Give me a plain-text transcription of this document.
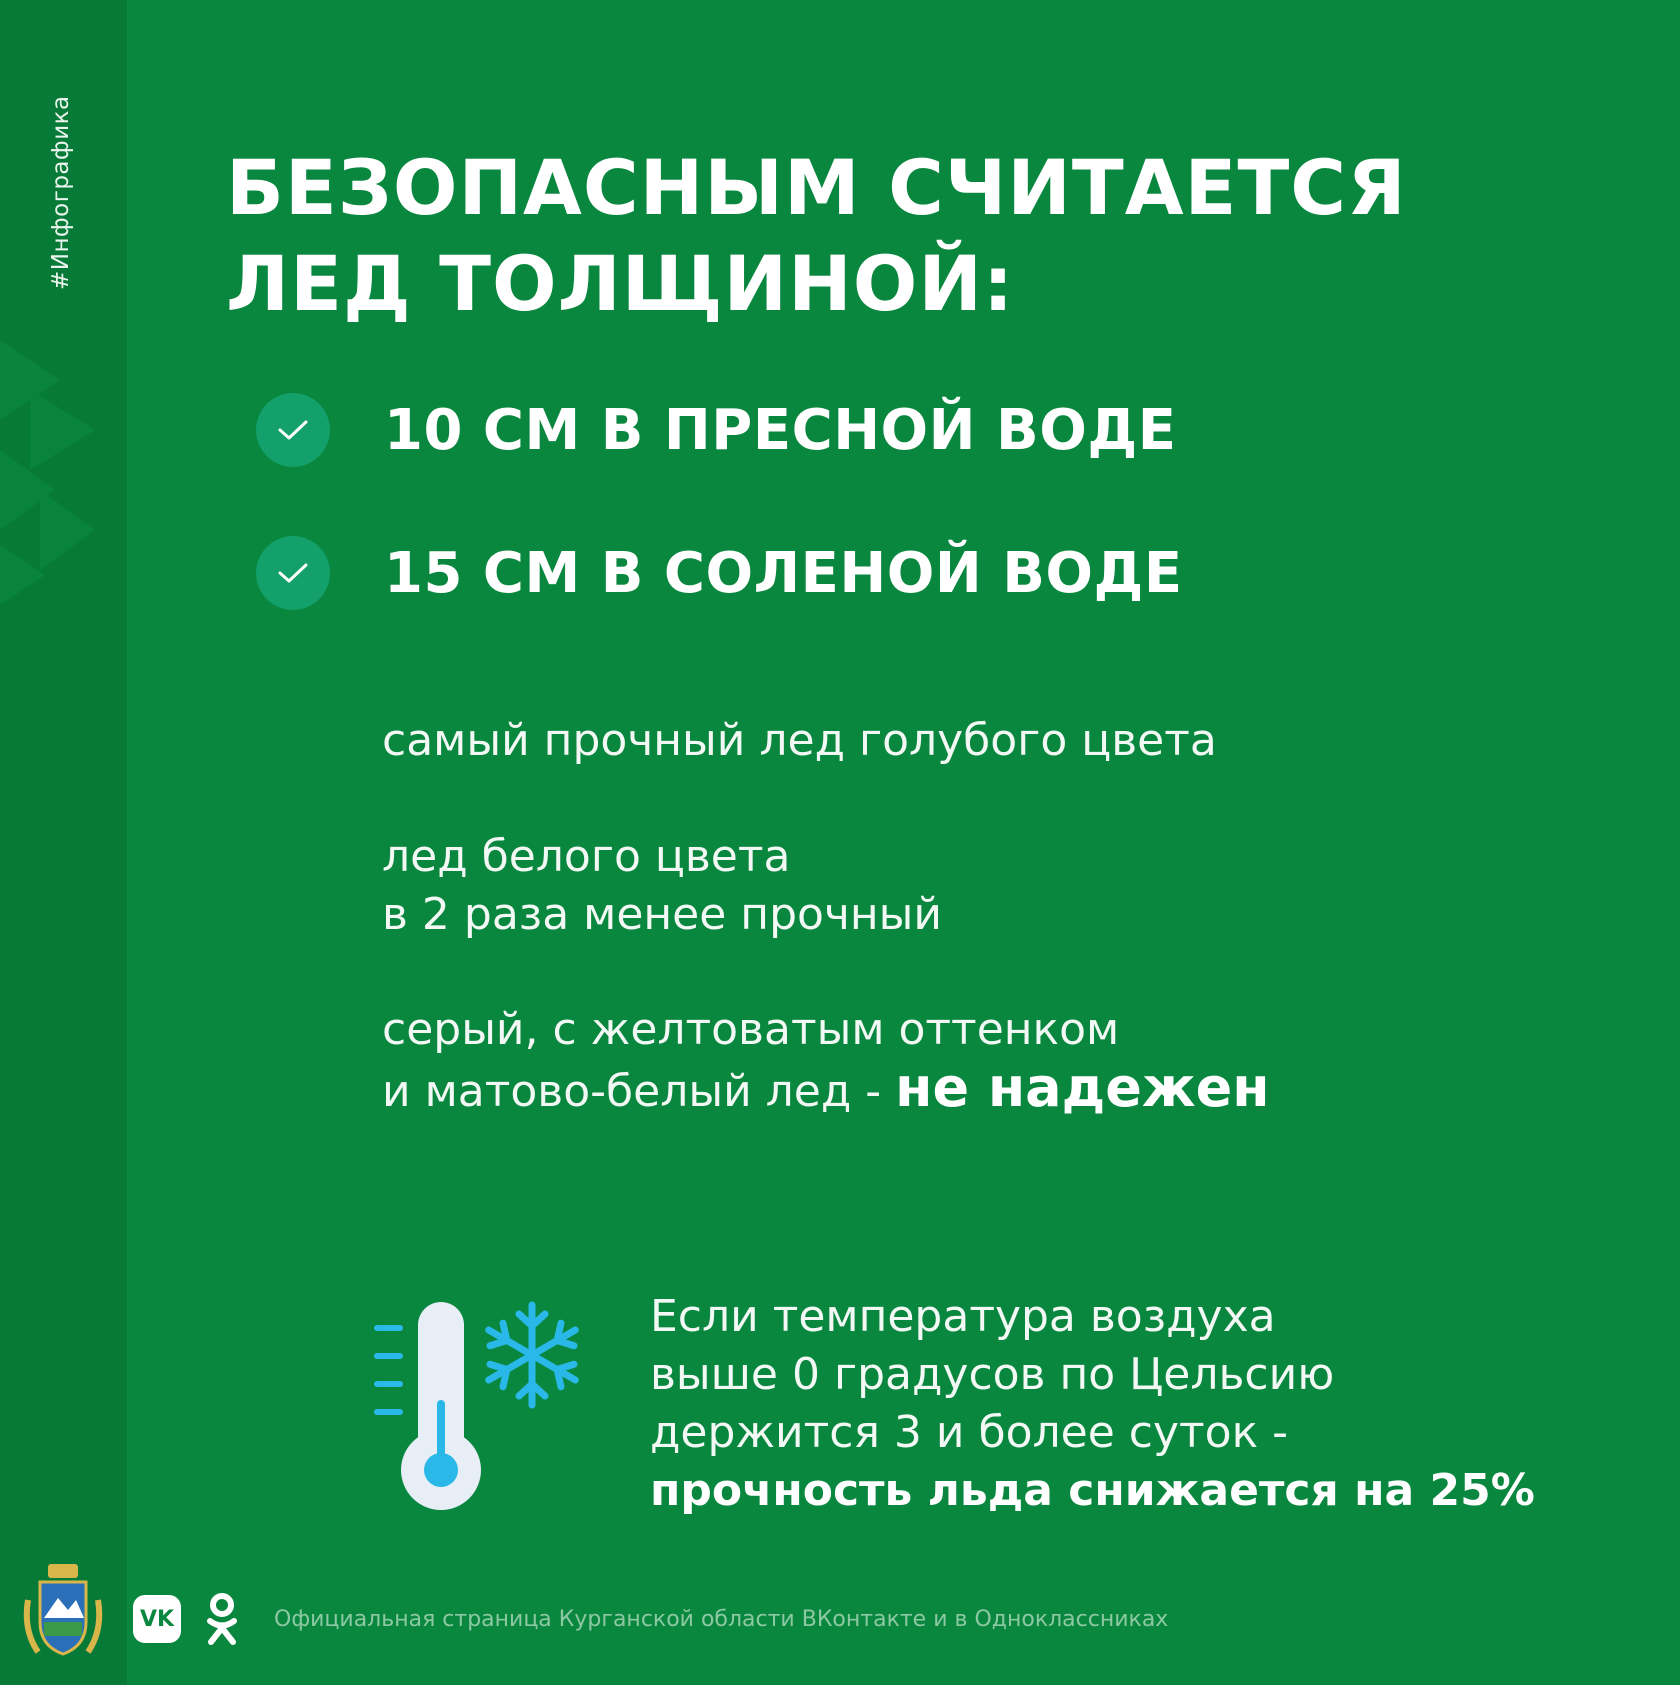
#Инфографика БЕЗОПАСНЫМ СЧИТАЕТСЯ
ЛЕД ТОЛЩИНОЙ:
10 СМ В ПРЕСНОЙ ВОДЕ
15 СМ В СОЛЕНОЙ ВОДЕ

самый прочный лед голубого цвета

лед белого цвета
в 2 раза менее прочный

серый, с желтоватым оттенком
и матово-белый лед - не надежен

Если температура воздуха
выше 0 градусов по Цельсию
держится 3 и более суток -
прочность льда снижается на 25%

VK	Официальная страница Курганской области ВКонтакте и в Одноклассниках
